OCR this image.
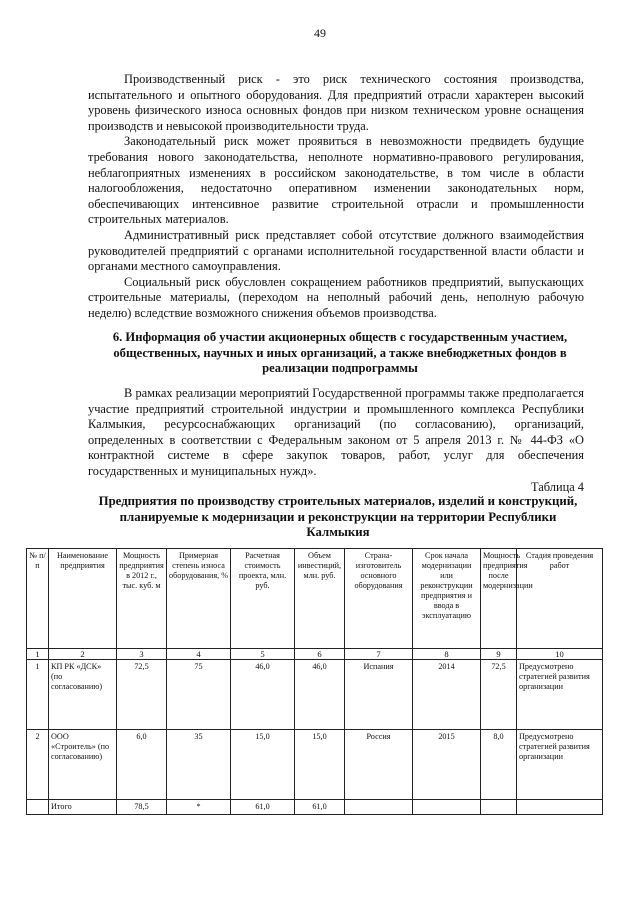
49

Производственный риск - это риск технического состояния производства, испытательного и опытного оборудования. Для предприятий отрасли характерен высокий уровень физического износа основных фондов при низком техническом уровне оснащения производств и невысокой производительности труда.

Законодательный риск может проявиться в невозможности предвидеть будущие требования нового законодательства, неполноте нормативно-правового регулирования, неблагоприятных изменениях в российском законодательстве, в том числе в области налогообложения, недостаточно оперативном изменении законодательных норм, обеспечивающих интенсивное развитие строительной отрасли и промышленности строительных материалов.

Административный риск представляет собой отсутствие должного взаимодействия руководителей предприятий с органами исполнительной государственной власти области и органами местного самоуправления.

Социальный риск обусловлен сокращением работников предприятий, выпускающих строительные материалы, (переходом на неполный рабочий день, неполную рабочую неделю) вследствие возможного снижения объемов производства.

6. Информация об участии акционерных обществ с государственным участием, общественных, научных и иных организаций, а также внебюджетных фондов в реализации подпрограммы

В рамках реализации мероприятий Государственной программы также предполагается участие предприятий строительной индустрии и промышленного комплекса Республики Калмыкия, ресурсоснабжающих организаций (по согласованию), организаций, определенных в соответствии с Федеральным законом от 5 апреля 2013 г. № 44-ФЗ «О контрактной системе в сфере закупок товаров, работ, услуг для обеспечения государственных и муниципальных нужд».

Таблица 4
Предприятия по производству строительных материалов, изделий и конструкций, планируемые к модернизации и реконструкции на территории Республики Калмыкия
№ п/п	Наименование предприятия	Мощность предприятия в 2012 г., тыс. куб. м	Примерная степень износа оборудования, %	Расчетная стоимость проекта, млн. руб.	Объем инвестиций, млн. руб.	Страна-изготовитель основного оборудования	Срок начала модернизации или реконструкции предприятия и ввода в эксплуатацию	Мощность предприятия после модернизации	Стадия проведения работ
1	2	3	4	5	6	7	8	9	10
1	КП РК «ДСК» (по согласованию)	72,5	75	46,0	46,0	Испания	2014	72,5	Предусмотрено стратегией развития организации
2	ООО «Строитель» (по согласованию)	6,0	35	15,0	15,0	Россия	2015	8,0	Предусмотрено стратегией развития организации
	Итого	78,5	*	61,0	61,0				
